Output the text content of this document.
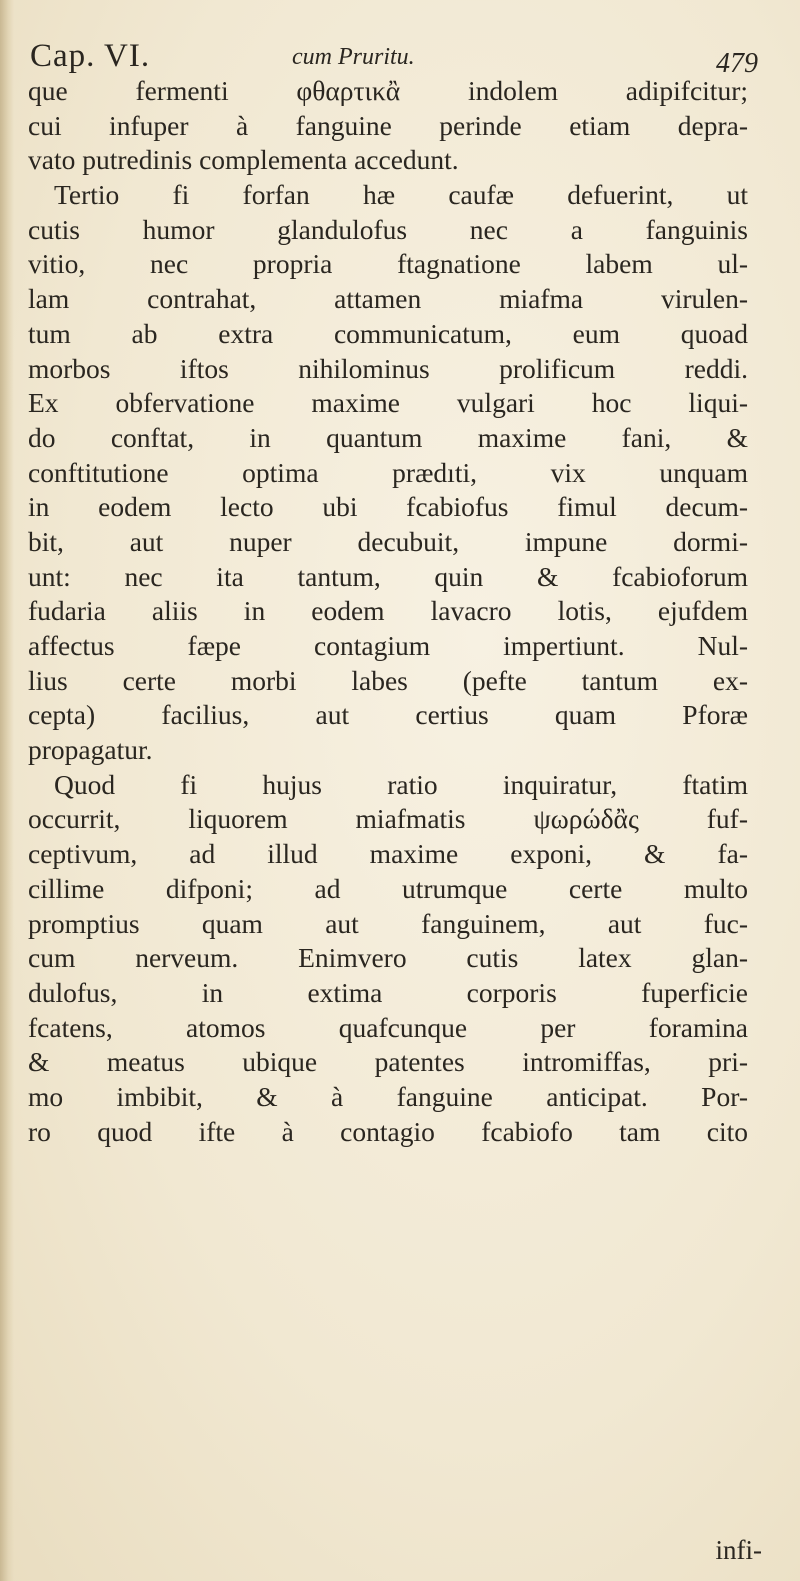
Cap. VI.	cum Pruritu.	479
que fermenti φθαρτικἂ indolem adipifcitur;
cui infuper à fanguine perinde etiam depra-
vato putredinis complementa accedunt.
Tertio fi forfan hæ caufæ defuerint, ut
cutis humor glandulofus nec a fanguinis
vitio, nec propria ftagnatione labem ul-
lam contrahat, attamen miafma virulen-
tum ab extra communicatum, eum quoad
morbos iftos nihilominus prolificum reddi.
Ex obfervatione maxime vulgari hoc liqui-
do conftat, in quantum maxime fani, &
conftitutione optima prædıti, vix unquam
in eodem lecto ubi fcabiofus fimul decum-
bit, aut nuper decubuit, impune dormi-
unt: nec ita tantum, quin & fcabioforum
fudaria aliis in eodem lavacro lotis, ejufdem
affectus fæpe contagium impertiunt. Nul-
lius certe morbi labes (pefte tantum ex-
cepta) facilius, aut certius quam Pforæ
propagatur.
Quod fi hujus ratio inquiratur, ftatim
occurrit, liquorem miafmatis ψωρώδἂς fuf-
ceptivum, ad illud maxime exponi, & fa-
cillime difponi; ad utrumque certe multo
promptius quam aut fanguinem, aut fuc-
cum nerveum. Enimvero cutis latex glan-
dulofus, in extima corporis fuperficie
fcatens, atomos quafcunque per foramina
& meatus ubique patentes intromiffas, pri-
mo imbibit, & à fanguine anticipat. Por-
ro quod ifte à contagio fcabiofo tam cito
infi-
